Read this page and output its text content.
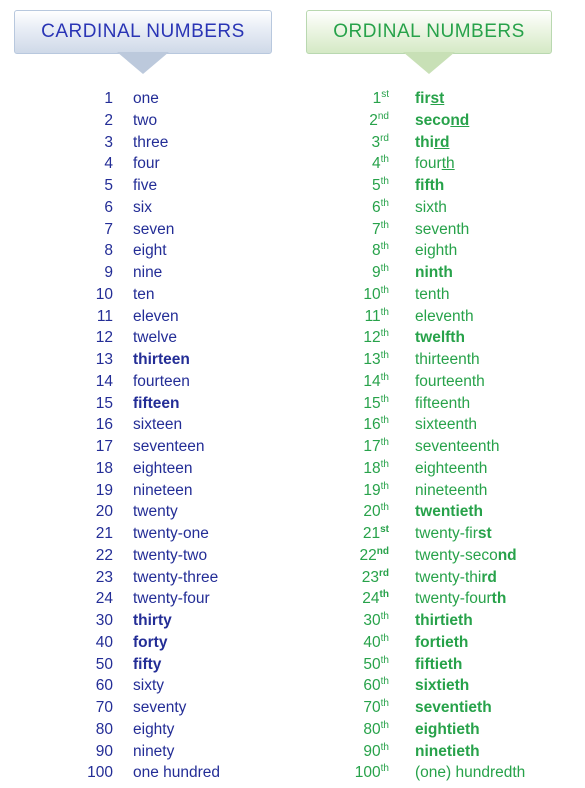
CARDINAL NUMBERS	ORDINAL NUMBERS
1 one	1st first
2 two	2nd second
3 three	3rd third
4 four	4th fourth
5 five	5th fifth
6 six	6th sixth
7 seven	7th seventh
8 eight	8th eighth
9 nine	9th ninth
10 ten	10th tenth
11 eleven	11th eleventh
12 twelve	12th twelfth
13 thirteen	13th thirteenth
14 fourteen	14th fourteenth
15 fifteen	15th fifteenth
16 sixteen	16th sixteenth
17 seventeen	17th seventeenth
18 eighteen	18th eighteenth
19 nineteen	19th nineteenth
20 twenty	20th twentieth
21 twenty-one	21st twenty-first
22 twenty-two	22nd twenty-second
23 twenty-three	23rd twenty-third
24 twenty-four	24th twenty-fourth
30 thirty	30th thirtieth
40 forty	40th fortieth
50 fifty	50th fiftieth
60 sixty	60th sixtieth
70 seventy	70th seventieth
80 eighty	80th eightieth
90 ninety	90th ninetieth
100 one hundred	100th (one) hundredth
